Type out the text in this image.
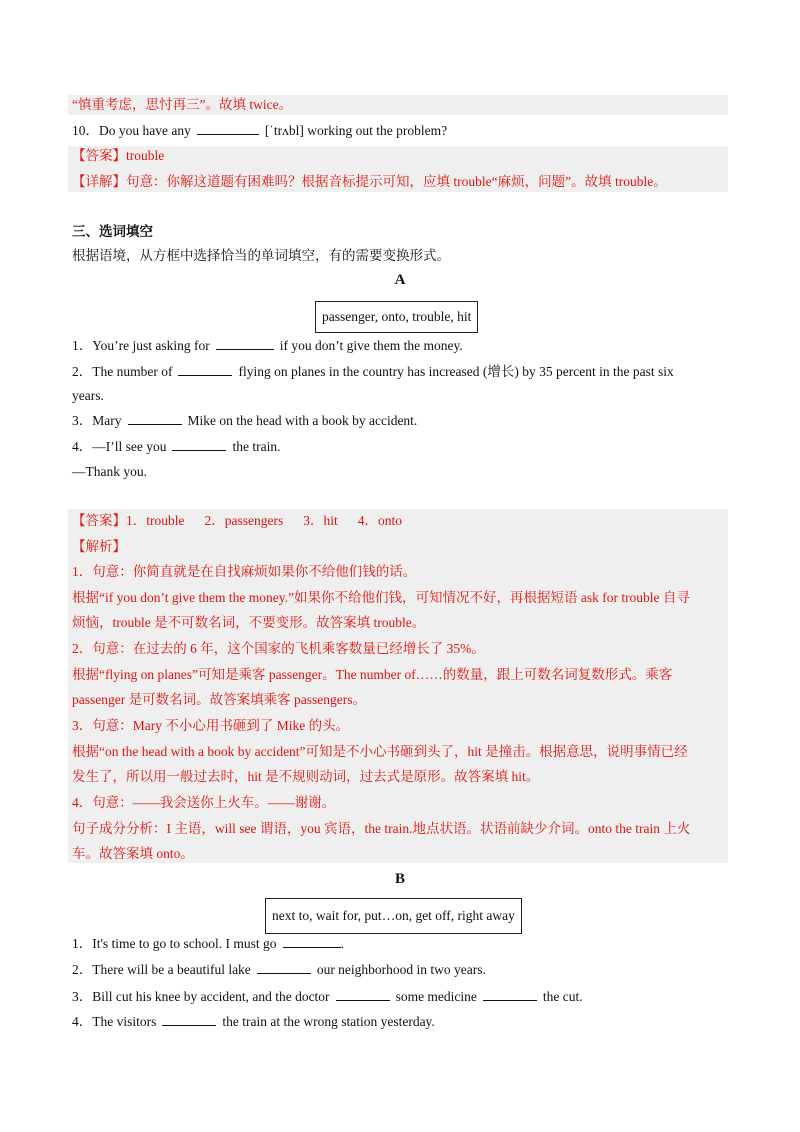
“慎重考虑，思忖再三”。故填 twice。
10．Do you have any	[ˈtrʌbl] working out the problem?
【答案】trouble
【详解】句意：你解这道题有困难吗？根据音标提示可知，应填 trouble“麻烦，问题”。故填 trouble。
三、选词填空
根据语境，从方框中选择恰当的单词填空，有的需要变换形式。
A
passenger, onto, trouble, hit
1．You’re just asking for	if you don’t give them the money.
2．The number of	flying on planes in the country has increased (增长) by 35 percent in the past six
years.
3．Mary	Mike on the head with a book by accident.
4．—I’ll see you	the train.
—Thank you.
【答案】1．trouble 2．passengers 3．hit 4．onto
【解析】
1．句意：你简直就是在自找麻烦如果你不给他们钱的话。
根据“if you don’t give them the money.”如果你不给他们钱，可知情况不好，再根据短语 ask for trouble 自寻
烦恼，trouble 是不可数名词，不要变形。故答案填 trouble。
2．句意：在过去的 6 年，这个国家的飞机乘客数量已经增长了 35%。
根据“flying on planes”可知是乘客 passenger。The number of……的数量，跟上可数名词复数形式。乘客
passenger 是可数名词。故答案填乘客 passengers。
3．句意：Mary 不小心用书砸到了 Mike 的头。
根据“on the head with a book by accident”可知是不小心书砸到头了，hit 是撞击。根据意思，说明事情已经
发生了，所以用一般过去时，hit 是不规则动词，过去式是原形。故答案填 hit。
4．句意：——我会送你上火车。——谢谢。
句子成分分析：I 主语，will see 谓语，you 宾语，the train.地点状语。状语前缺少介词。onto the train 上火
车。故答案填 onto。
B
next to, wait for, put…on, get off, right away
1．It's time to go to school. I must go	.
2．There will be a beautiful lake	our neighborhood in two years.
3．Bill cut his knee by accident, and the doctor	some medicine	the cut.
4．The visitors	the train at the wrong station yesterday.
